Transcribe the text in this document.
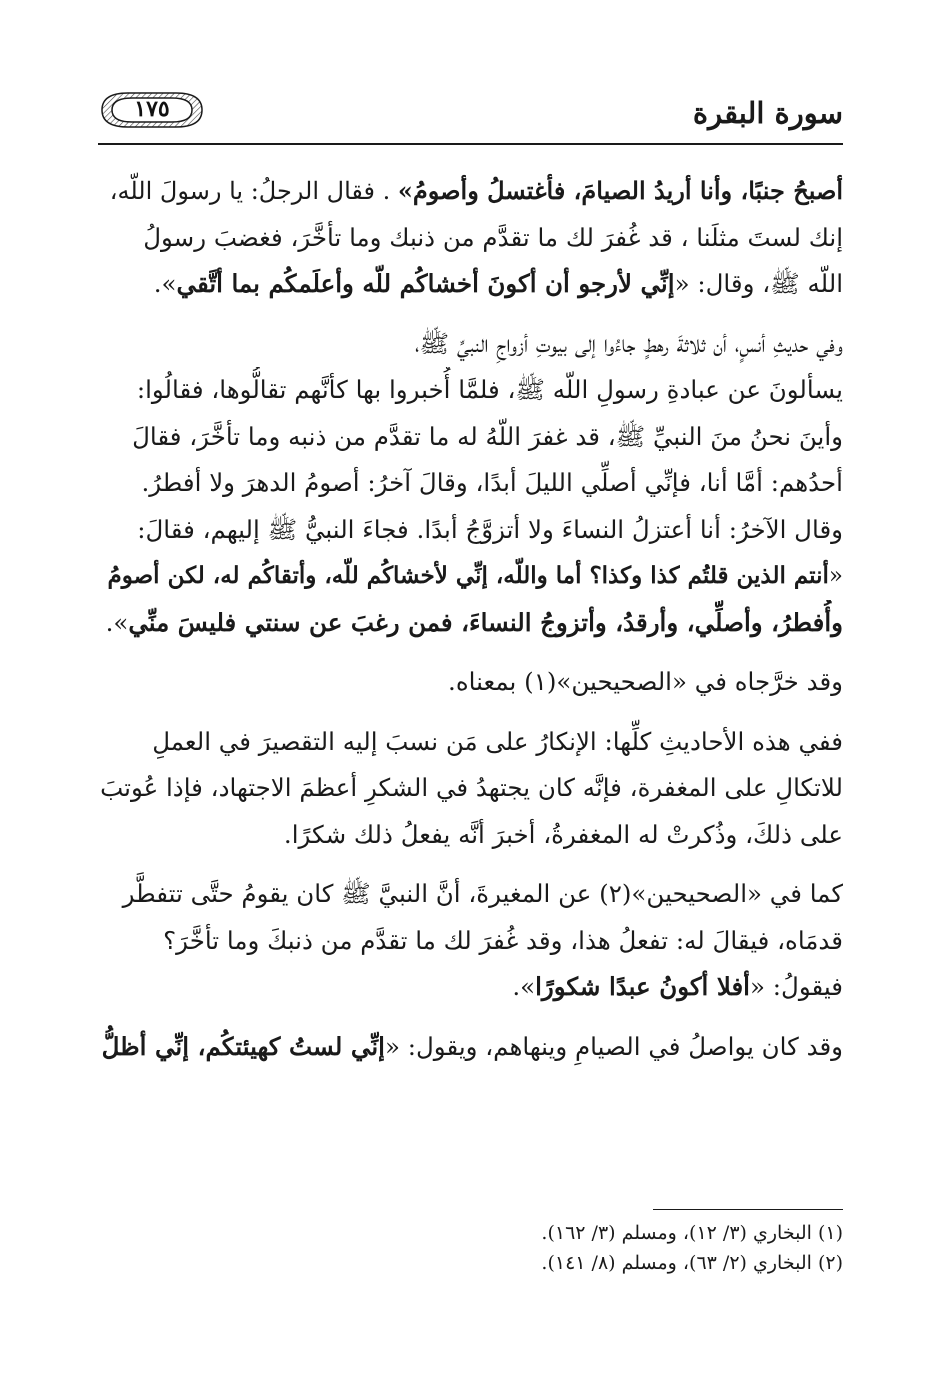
سورة البقرة
١٧٥
أصبحُ جنبًا، وأنا أريدُ الصيامَ، فأغتسلُ وأصومُ» . فقال الرجلُ: يا رسولَ اللّه،
إنك لستَ مثلَنا ، قد غُفرَ لك ما تقدَّم من ذنبك وما تأخَّرَ، فغضبَ رسولُ
اللّه ﷺ، وقال: «إنِّي لأرجو أن أكونَ أخشاكُم للّه وأعلَمكُم بما أتَّقي».
وفي حديثِ أنسٍ، أن ثلاثةَ رهطٍ جاءُوا إلى بيوتِ أزواجِ النبيِّ ﷺ،
يسألونَ عن عبادةِ رسولِ اللّه ﷺ، فلمَّا أُخبروا بها كأنَّهم تقالُّوها، فقالُوا:
وأينَ نحنُ منَ النبيِّ ﷺ، قد غفرَ اللّهُ له ما تقدَّم من ذنبه وما تأخَّرَ، فقالَ
أحدُهم: أمَّا أنا، فإنِّي أصلِّي الليلَ أبدًا، وقالَ آخرُ: أصومُ الدهرَ ولا أفطرُ.
وقال الآخرُ: أنا أعتزلُ النساءَ ولا أتزوَّجُ أبدًا. فجاءَ النبيُّ ﷺ إليهم، فقالَ:
«أنتم الذين قلتُم كذا وكذا؟ أما واللّه، إنِّي لأخشاكُم للّه، وأتقاكُم له، لكن أصومُ
وأُفطرُ، وأصلِّي، وأرقدُ، وأتزوجُ النساءَ، فمن رغبَ عن سنتي فليسَ منِّي».
وقد خرَّجاه في «الصحيحين»(١) بمعناه.
ففي هذه الأحاديثِ كلِّها: الإنكارُ على مَن نسبَ إليه التقصيرَ في العملِ
للاتكالِ على المغفرة، فإنَّه كان يجتهدُ في الشكرِ أعظمَ الاجتهاد، فإذا عُوتبَ
على ذلكَ، وذُكرتْ له المغفرةُ، أخبرَ أنَّه يفعلُ ذلك شكرًا.
كما في «الصحيحين»(٢) عن المغيرةَ، أنَّ النبيَّ ﷺ كان يقومُ حتَّى تتفطَّر
قدمَاه، فيقالَ له: تفعلُ هذا، وقد غُفرَ لك ما تقدَّم من ذنبكَ وما تأخَّرَ؟
فيقولُ: «أفلا أكونُ عبدًا شكورًا».
وقد كان يواصلُ في الصيامِ وينهاهم، ويقول: «إنِّي لستُ كهيئتكُم، إنِّي أظلُّ
(١) البخاري (٣/ ١٢)، ومسلم (٣/ ١٦٢).
(٢) البخاري (٢/ ٦٣)، ومسلم (٨/ ١٤١).
